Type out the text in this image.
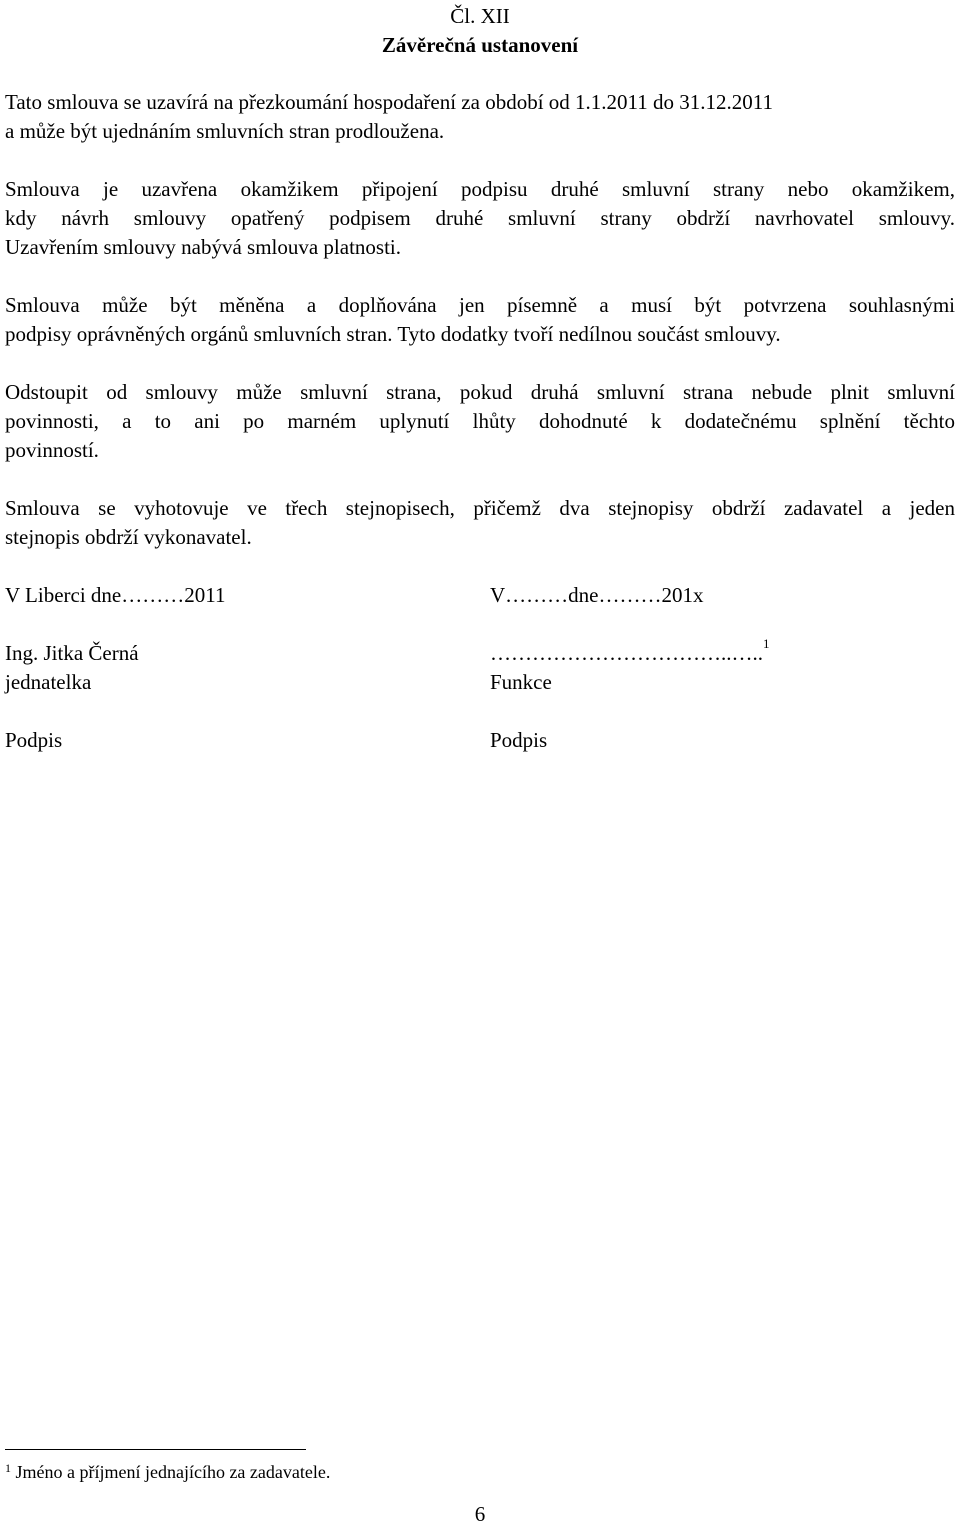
Čl. XII
Závěrečná ustanovení
Tato smlouva se uzavírá na přezkoumání hospodaření za období od 1.1.2011 do 31.12.2011
a může být ujednáním smluvních stran prodloužena.
Smlouva je uzavřena okamžikem připojení podpisu druhé smluvní strany nebo okamžikem,
kdy návrh smlouvy opatřený podpisem druhé smluvní strany obdrží navrhovatel smlouvy.
Uzavřením smlouvy nabývá smlouva platnosti.
Smlouva může být měněna a doplňována jen písemně a musí být potvrzena souhlasnými
podpisy oprávněných orgánů smluvních stran. Tyto dodatky tvoří nedílnou součást smlouvy.
Odstoupit od smlouvy může smluvní strana, pokud druhá smluvní strana nebude plnit smluvní
povinnosti, a to ani po marném uplynutí lhůty dohodnuté k dodatečnému splnění těchto
povinností.
Smlouva se vyhotovuje ve třech stejnopisech, přičemž dva stejnopisy obdrží zadavatel a jeden
stejnopis obdrží vykonavatel.
V Liberci dne………2011
Ing. Jitka Černá
jednatelka
Podpis
V………dne………201x
……………………………..…..$^1$
Funkce
Podpis
$^1$ Jméno a příjmení jednajícího za zadavatele.
6
